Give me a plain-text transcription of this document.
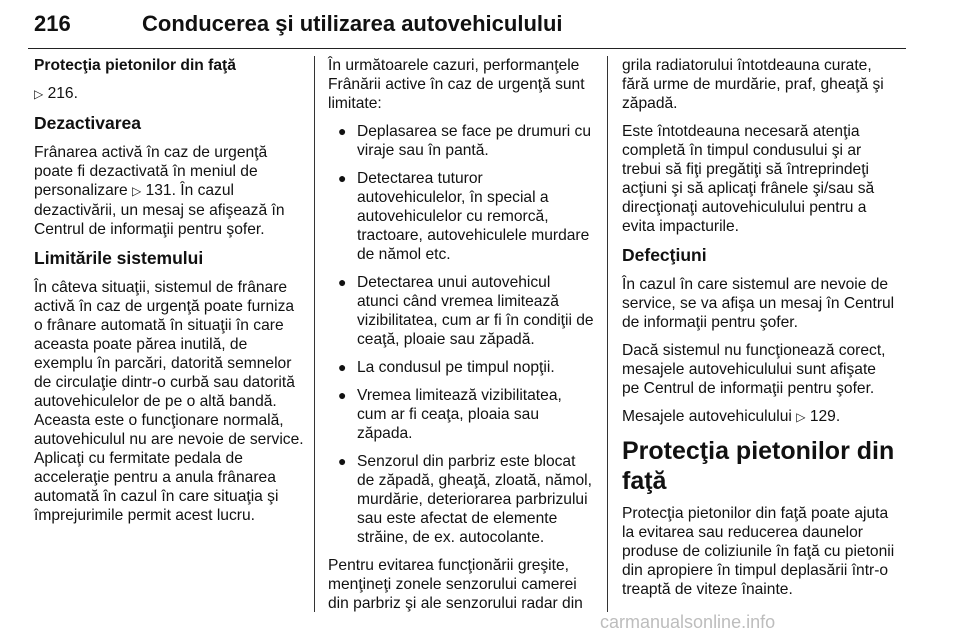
216	Conducerea şi utilizarea autovehiculului

Protecţia pietonilor din faţă

▷ 216.

Dezactivarea

Frânarea activă în caz de urgenţă poate fi dezactivată în meniul de personalizare ▷ 131. În cazul dezactivării, un mesaj se afişează în Centrul de informaţii pentru şofer.

Limitările sistemului

În câteva situaţii, sistemul de frânare activă în caz de urgenţă poate furniza o frânare automată în situaţii în care aceasta poate părea inutilă, de exemplu în parcări, datorită semnelor de circulaţie dintr-o curbă sau datorită autovehiculelor de pe o altă bandă. Aceasta este o funcţionare normală, autovehiculul nu are nevoie de service. Aplicaţi cu fermitate pedala de acceleraţie pentru a anula frânarea automată în cazul în care situaţia şi împrejurimile permit acest lucru.

În următoarele cazuri, performanţele Frânării active în caz de urgenţă sunt limitate:

● Deplasarea se face pe drumuri cu viraje sau în pantă.
● Detectarea tuturor autovehiculelor, în special a autovehiculelor cu remorcă, tractoare, autovehiculele murdare de nămol etc.
● Detectarea unui autovehicul atunci când vremea limitează vizibilitatea, cum ar fi în condiţii de ceaţă, ploaie sau zăpadă.
● La condusul pe timpul nopţii.
● Vremea limitează vizibilitatea, cum ar fi ceaţa, ploaia sau zăpada.
● Senzorul din parbriz este blocat de zăpadă, gheaţă, zloată, nămol, murdărie, deteriorarea parbrizului sau este afectat de elemente străine, de ex. autocolante.

Pentru evitarea funcţionării greşite, menţineţi zonele senzorului camerei din parbriz şi ale senzorului radar din

grila radiatorului întotdeauna curate, fără urme de murdărie, praf, gheaţă şi zăpadă.

Este întotdeauna necesară atenţia completă în timpul condusului şi ar trebui să fiţi pregătiţi să întreprindeţi acţiuni şi să aplicaţi frânele şi/sau să direcţionaţi autovehiculului pentru a evita impacturile.

Defecţiuni

În cazul în care sistemul are nevoie de service, se va afişa un mesaj în Centrul de informaţii pentru şofer.

Dacă sistemul nu funcţionează corect, mesajele autovehiculului sunt afişate pe Centrul de informaţii pentru şofer.

Mesajele autovehiculului ▷ 129.

Protecţia pietonilor din faţă

Protecţia pietonilor din faţă poate ajuta la evitarea sau reducerea daunelor produse de coliziunile în faţă cu pietonii din apropiere în timpul deplasării într-o treaptă de viteze înainte.

carmanualsonline.info
